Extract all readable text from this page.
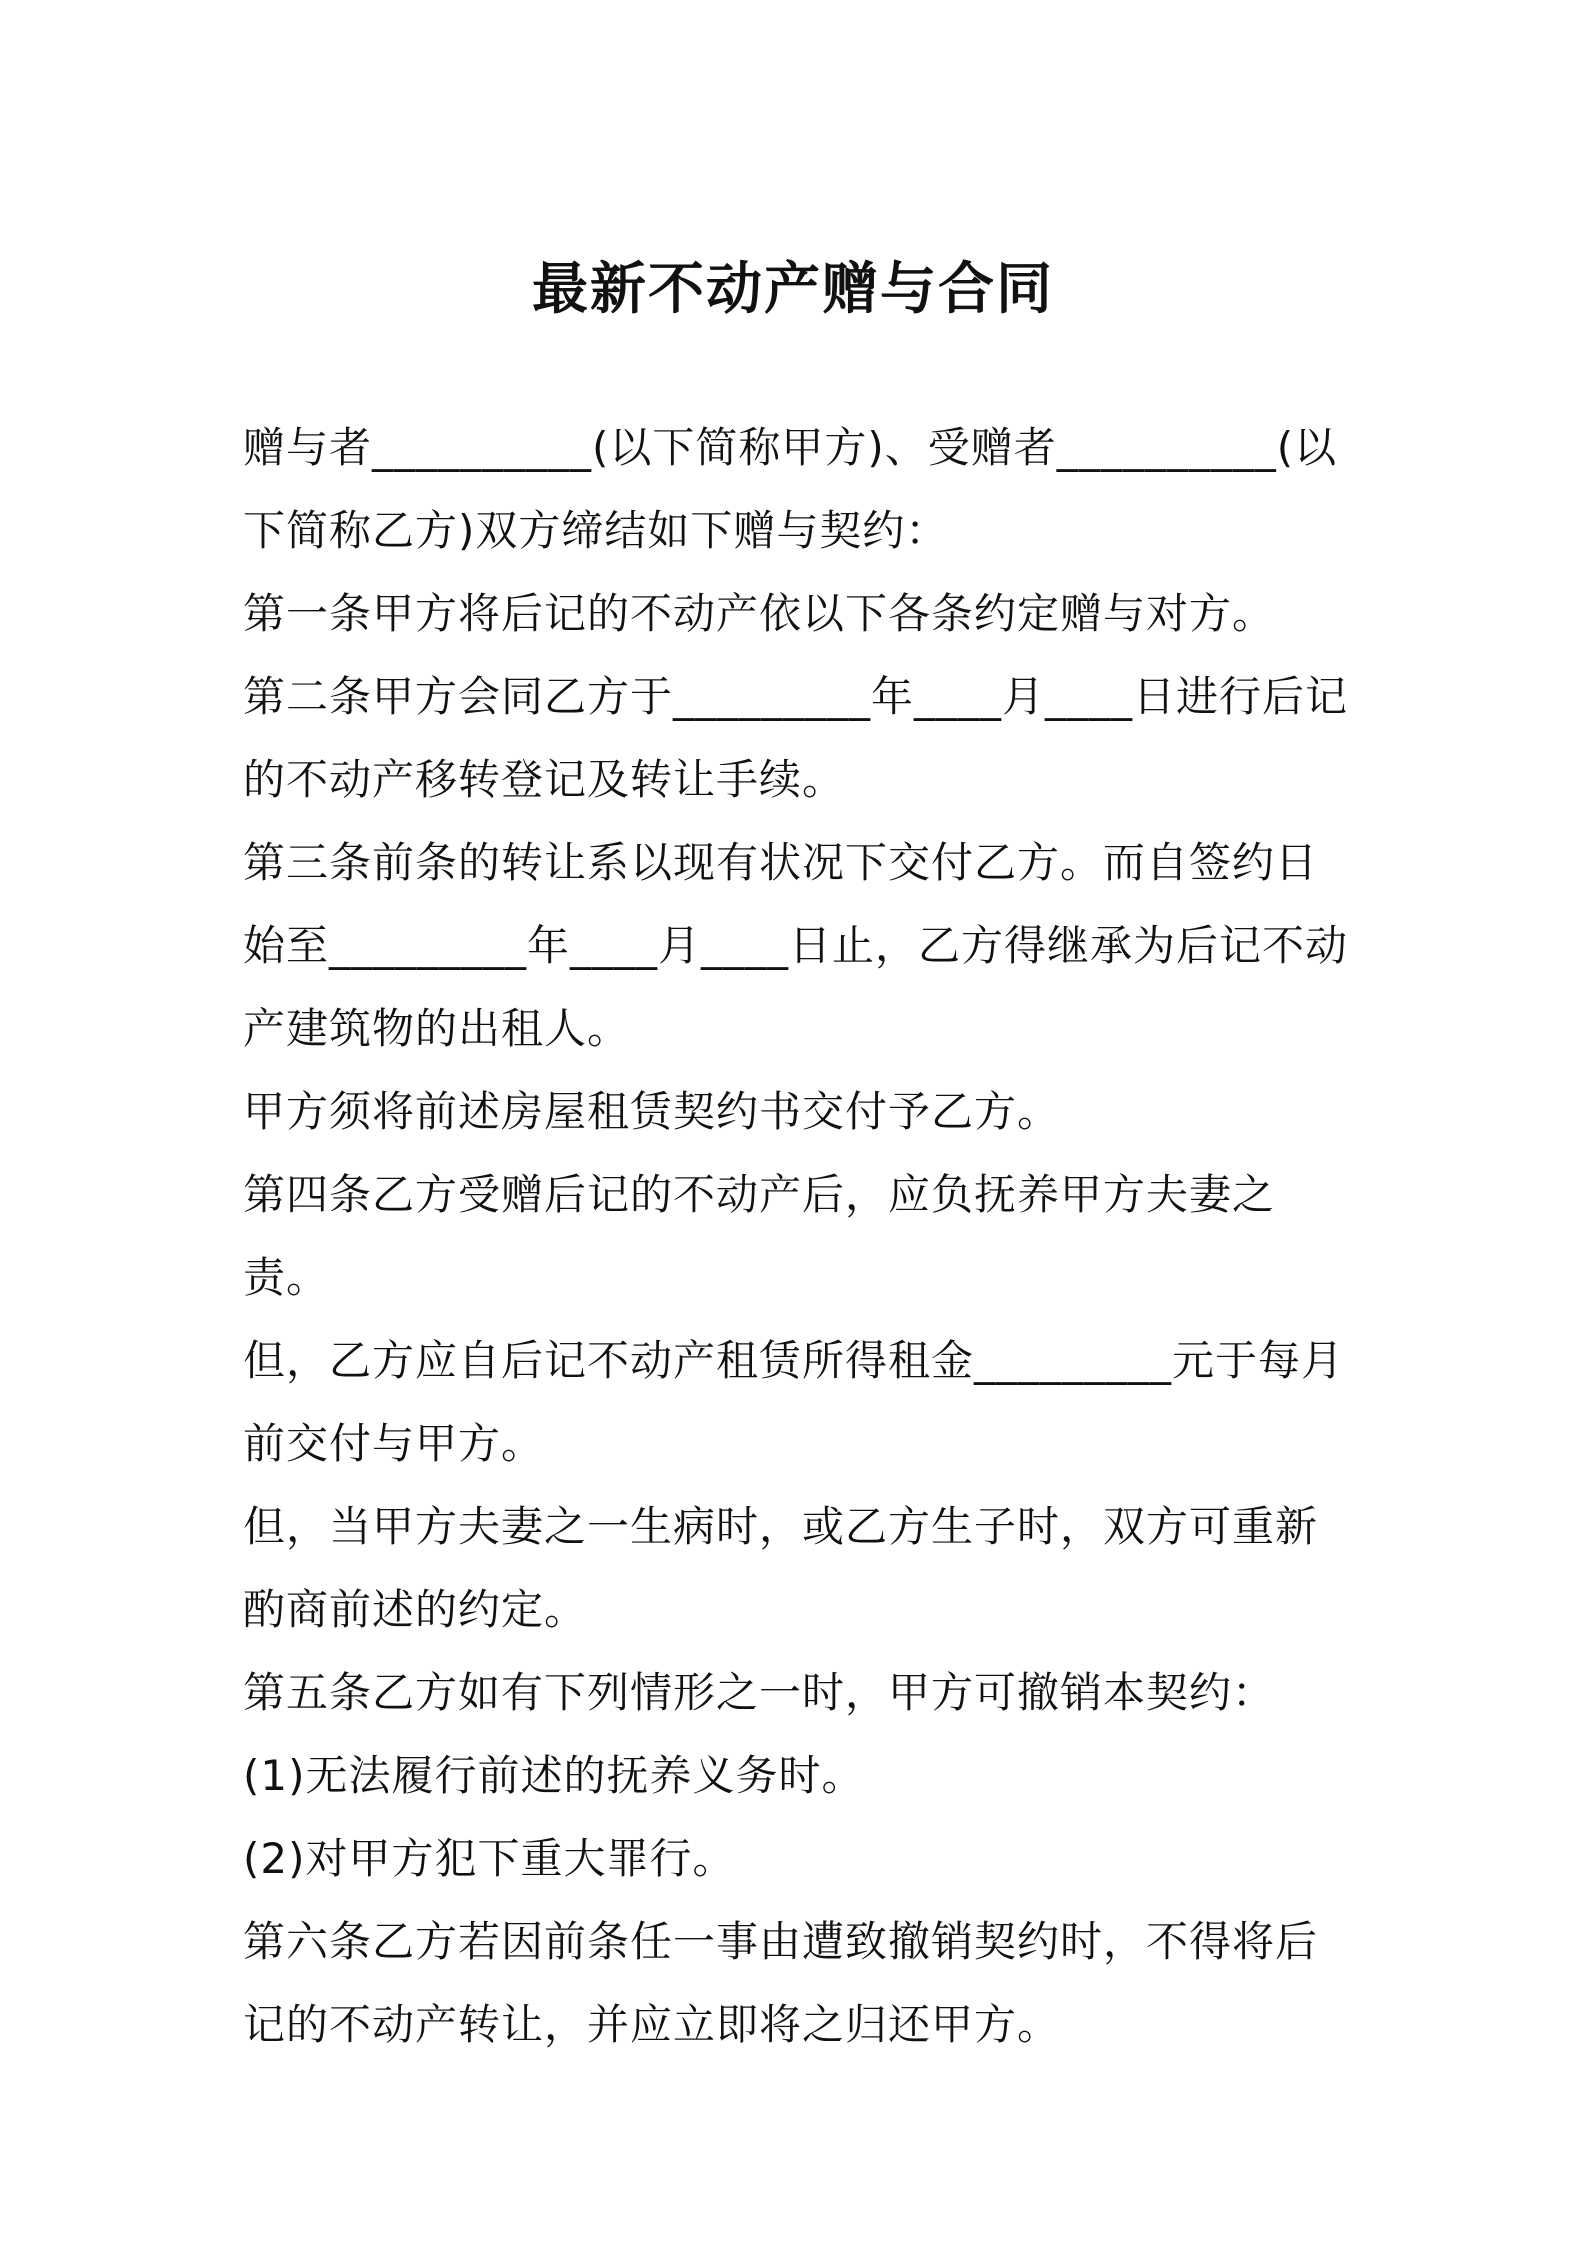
最新不动产赠与合同

赠与者__________(以下简称甲方)、受赠者__________(以下简称乙方)双方缔结如下赠与契约：

第一条甲方将后记的不动产依以下各条约定赠与对方。

第二条甲方会同乙方于_________年____月____日进行后记的不动产移转登记及转让手续。

第三条前条的转让系以现有状况下交付乙方。而自签约日始至_________年____月____日止，乙方得继承为后记不动产建筑物的出租人。

甲方须将前述房屋租赁契约书交付予乙方。

第四条乙方受赠后记的不动产后，应负抚养甲方夫妻之责。

但，乙方应自后记不动产租赁所得租金_________元于每月前交付与甲方。

但，当甲方夫妻之一生病时，或乙方生子时，双方可重新酌商前述的约定。

第五条乙方如有下列情形之一时，甲方可撤销本契约：

(1)无法履行前述的抚养义务时。

(2)对甲方犯下重大罪行。

第六条乙方若因前条任一事由遭致撤销契约时，不得将后记的不动产转让，并应立即将之归还甲方。
